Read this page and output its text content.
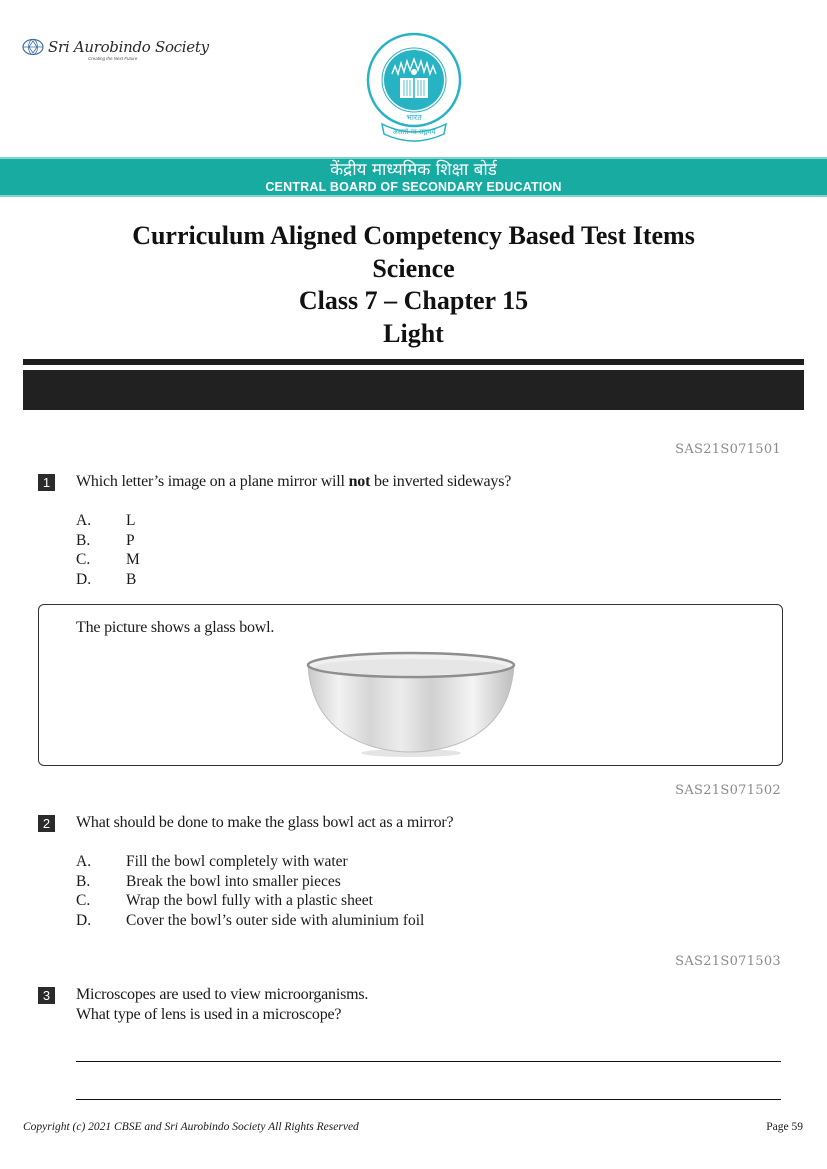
Sri Aurobindo Society
Creating the Next Future
भारत
असतो मा सद्गमय
केंद्रीय माध्यमिक शिक्षा बोर्ड
CENTRAL BOARD OF SECONDARY EDUCATION
Curriculum Aligned Competency Based Test Items
Science
Class 7 – Chapter 15
Light
SAS21S071501
1	Which letter’s image on a plane mirror will not be inverted sideways?
A.	L
B.	P
C.	M
D.	B
The picture shows a glass bowl.
SAS21S071502
2	What should be done to make the glass bowl act as a mirror?
A.	Fill the bowl completely with water
B.	Break the bowl into smaller pieces
C.	Wrap the bowl fully with a plastic sheet
D.	Cover the bowl’s outer side with aluminium foil
SAS21S071503
3	Microscopes are used to view microorganisms.
What type of lens is used in a microscope?
Copyright (c) 2021 CBSE and Sri Aurobindo Society All Rights Reserved	Page 59
